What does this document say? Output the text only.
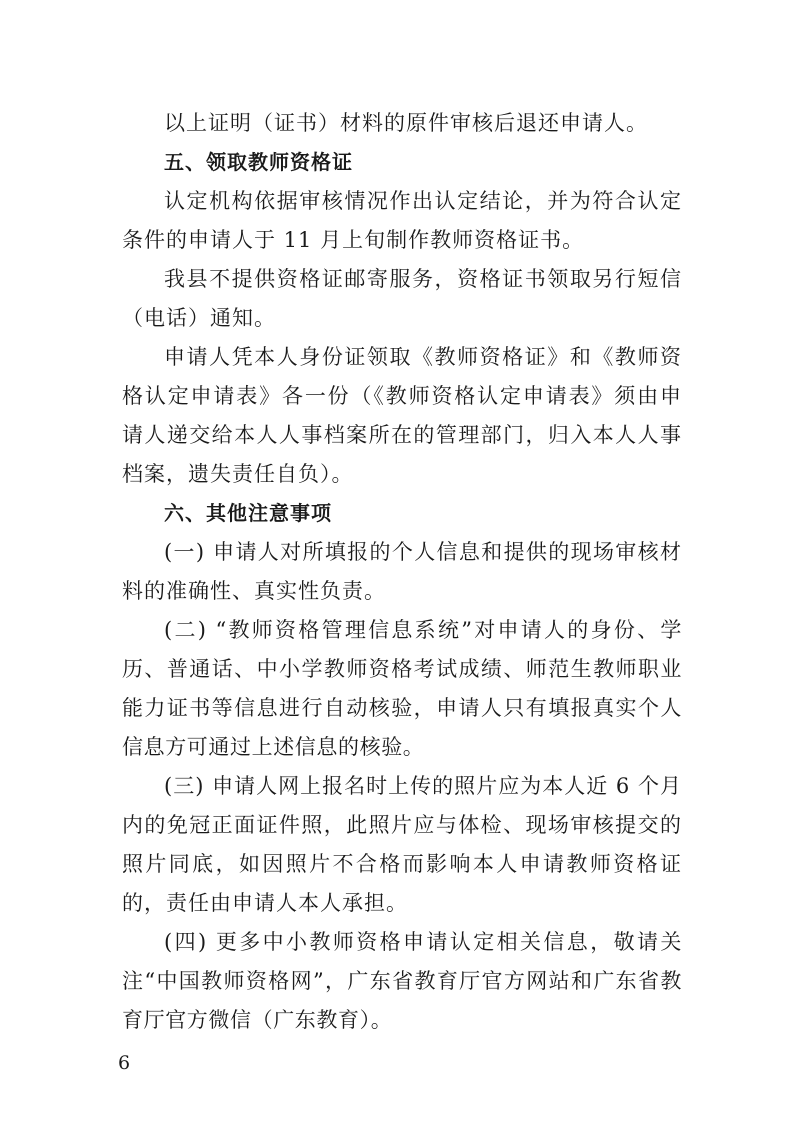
以上证明（证书）材料的原件审核后退还申请人。

五、领取教师资格证

认定机构依据审核情况作出认定结论，并为符合认定条件的申请人于 11 月上旬制作教师资格证书。

我县不提供资格证邮寄服务，资格证书领取另行短信（电话）通知。

申请人凭本人身份证领取《教师资格证》和《教师资格认定申请表》各一份（《教师资格认定申请表》须由申请人递交给本人人事档案所在的管理部门，归入本人人事档案，遗失责任自负）。

六、其他注意事项

(一) 申请人对所填报的个人信息和提供的现场审核材料的准确性、真实性负责。

(二) “教师资格管理信息系统”对申请人的身份、学历、普通话、中小学教师资格考试成绩、师范生教师职业能力证书等信息进行自动核验，申请人只有填报真实个人信息方可通过上述信息的核验。

(三) 申请人网上报名时上传的照片应为本人近 6 个月内的免冠正面证件照，此照片应与体检、现场审核提交的照片同底，如因照片不合格而影响本人申请教师资格证的，责任由申请人本人承担。

(四) 更多中小教师资格申请认定相关信息，敬请关注“中国教师资格网”，广东省教育厅官方网站和广东省教育厅官方微信（广东教育）。

6
